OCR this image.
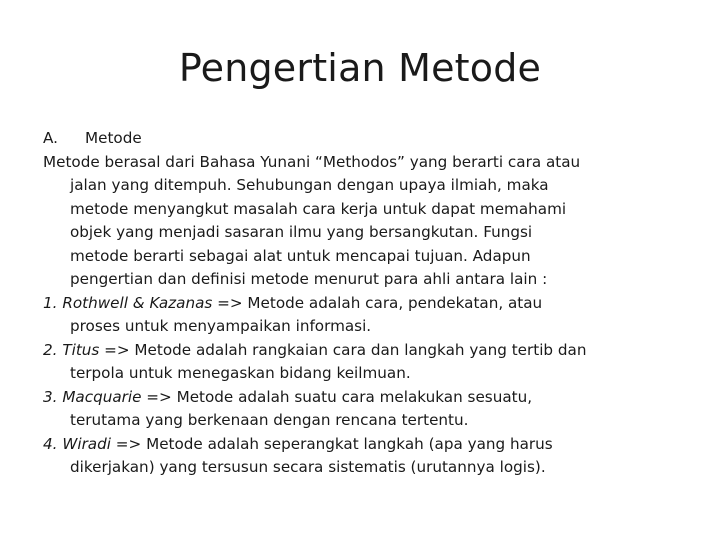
Pengertian Metode
A.	Metode
Metode berasal dari Bahasa Yunani “Methodos” yang berarti cara atau
jalan yang ditempuh. Sehubungan dengan upaya ilmiah, maka
metode menyangkut masalah cara kerja untuk dapat memahami
objek yang menjadi sasaran ilmu yang bersangkutan. Fungsi
metode berarti sebagai alat untuk mencapai tujuan. Adapun
pengertian dan definisi metode menurut para ahli antara lain :
1. Rothwell & Kazanas => Metode adalah cara, pendekatan, atau
proses untuk menyampaikan informasi.
2. Titus => Metode adalah rangkaian cara dan langkah yang tertib dan
terpola untuk menegaskan bidang keilmuan.
3. Macquarie => Metode adalah suatu cara melakukan sesuatu,
terutama yang berkenaan dengan rencana tertentu.
4. Wiradi => Metode adalah seperangkat langkah (apa yang harus
dikerjakan) yang tersusun secara sistematis (urutannya logis).
